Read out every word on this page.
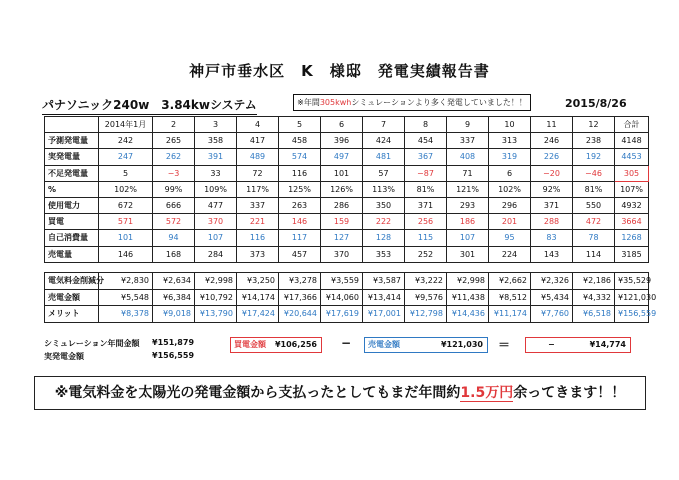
神戸市垂水区　K　様邸　発電実績報告書
パナソニック240w　3.84kwシステム	※年間305kwhシミュレーションより多く発電していました！！	2015/8/26
	2014年1月	2	3	4	5	6	7	8	9	10	11	12	合計
予測発電量	242	265	358	417	458	396	424	454	337	313	246	238	4148
実発電量	247	262	391	489	574	497	481	367	408	319	226	192	4453
不足発電量	5	−3	33	72	116	101	57	−87	71	6	−20	−46	305
%	102%	99%	109%	117%	125%	126%	113%	81%	121%	102%	92%	81%	107%
使用電力	672	666	477	337	263	286	350	371	293	296	371	550	4932
買電	571	572	370	221	146	159	222	256	186	201	288	472	3664
自己消費量	101	94	107	116	117	127	128	115	107	95	83	78	1268
売電量	146	168	284	373	457	370	353	252	301	224	143	114	3185
電気料金削減分	¥2,830	¥2,634	¥2,998	¥3,250	¥3,278	¥3,559	¥3,587	¥3,222	¥2,998	¥2,662	¥2,326	¥2,186	¥35,529
売電金額	¥5,548	¥6,384	¥10,792	¥14,174	¥17,366	¥14,060	¥13,414	¥9,576	¥11,438	¥8,512	¥5,434	¥4,332	¥121,030
メリット	¥8,378	¥9,018	¥13,790	¥17,424	¥20,644	¥17,619	¥17,001	¥12,798	¥14,436	¥11,174	¥7,760	¥6,518	¥156,559
シミュレーション年間金額 ¥151,879
実発電金額	¥156,559
買電金額 ¥106,256 − 売電金額	¥121,030 ＝	−	¥14,774
※電気料金を太陽光の発電金額から支払ったとしてもまだ年間約1.5万円余ってきます！！
